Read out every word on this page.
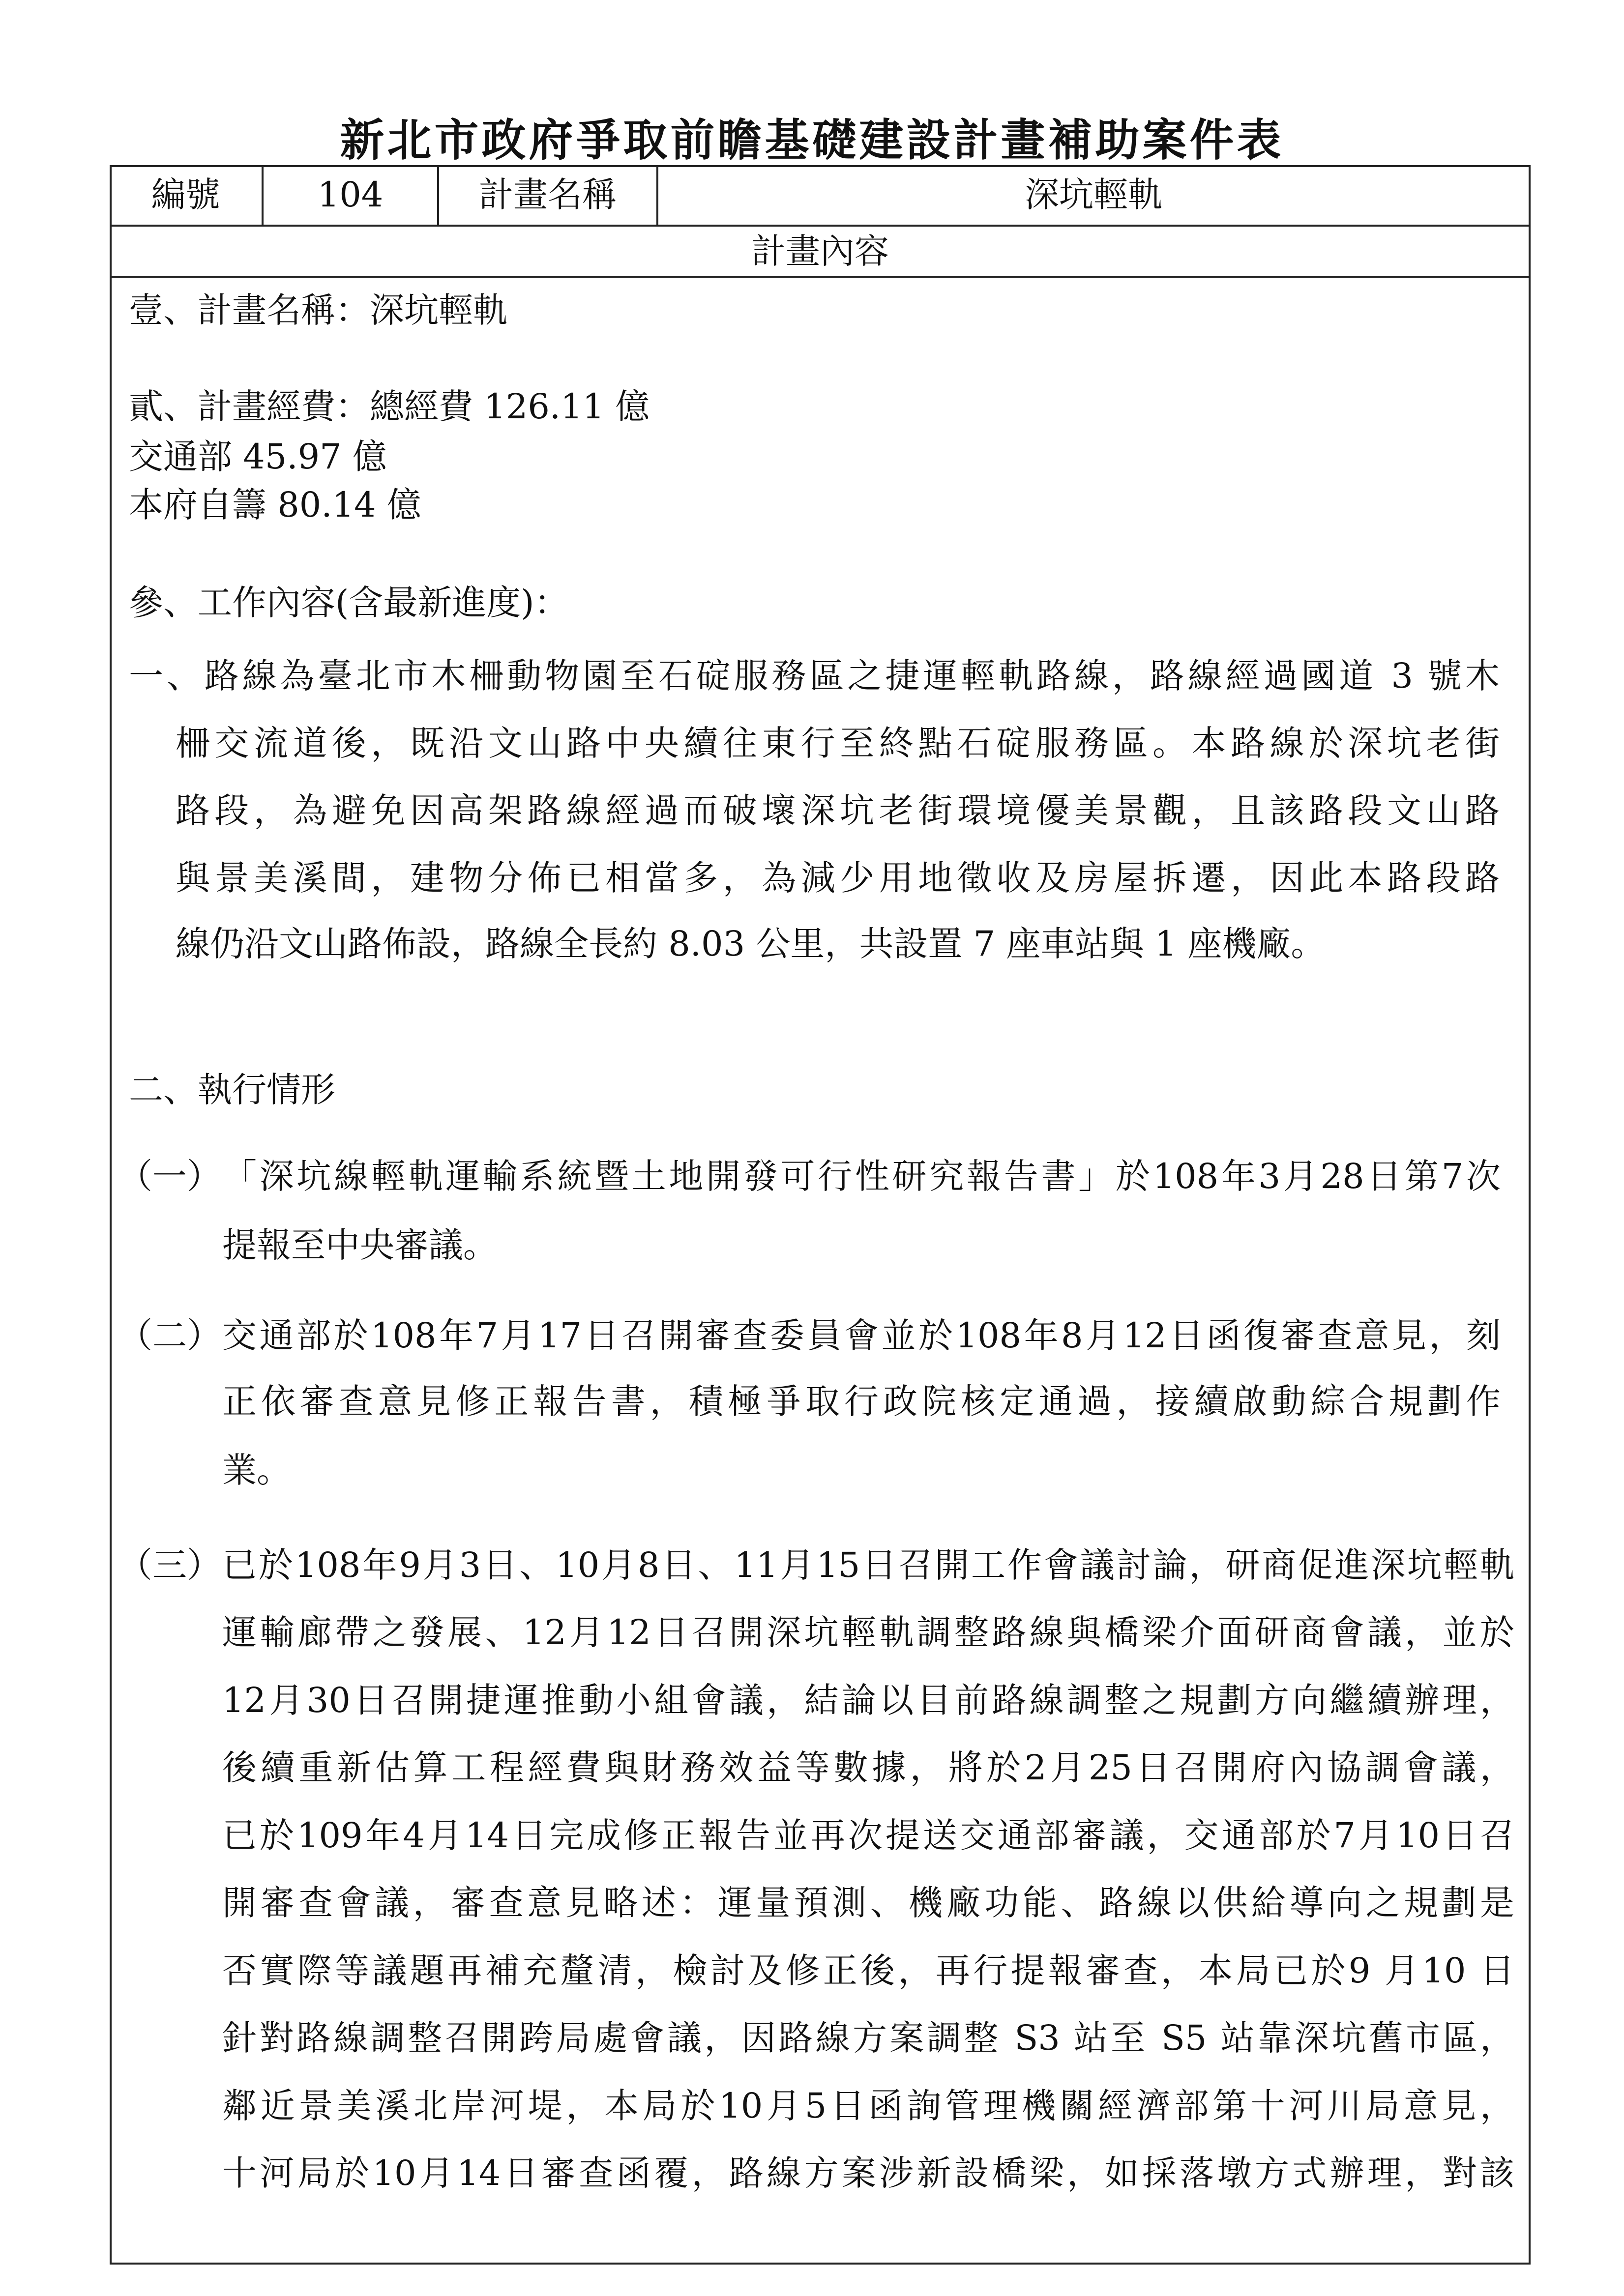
新北市政府爭取前瞻基礎建設計畫補助案件表
編號	104	計畫名稱	深坑輕軌
計畫內容
壹、計畫名稱：深坑輕軌
貳、計畫經費：總經費 126.11 億
交通部 45.97 億
本府自籌 80.14 億
參、工作內容(含最新進度)：
一、路線為臺北市木柵動物園至石碇服務區之捷運輕軌路線，路線經過國道 3 號木
柵交流道後，既沿文山路中央續往東行至終點石碇服務區。本路線於深坑老街
路段，為避免因高架路線經過而破壞深坑老街環境優美景觀，且該路段文山路
與景美溪間，建物分佈已相當多，為減少用地徵收及房屋拆遷，因此本路段路
線仍沿文山路佈設，路線全長約 8.03 公里，共設置 7 座車站與 1 座機廠。
二、執行情形
（一） 「深坑線輕軌運輸系統暨土地開發可行性研究報告書」於108年3月28日第7次
提報至中央審議。
（二） 交通部於108年7月17日召開審查委員會並於108年8月12日函復審查意見，刻
正依審查意見修正報告書，積極爭取行政院核定通過，接續啟動綜合規劃作
業。
（三） 已於108年9月3日、10月8日、11月15日召開工作會議討論，研商促進深坑輕軌
運輸廊帶之發展、12月12日召開深坑輕軌調整路線與橋梁介面研商會議，並於
12月30日召開捷運推動小組會議，結論以目前路線調整之規劃方向繼續辦理，
後續重新估算工程經費與財務效益等數據，將於2月25日召開府內協調會議，
已於109年4月14日完成修正報告並再次提送交通部審議，交通部於7月10日召
開審查會議，審查意見略述：運量預測、機廠功能、路線以供給導向之規劃是
否實際等議題再補充釐清，檢討及修正後，再行提報審查，本局已於9 月10 日
針對路線調整召開跨局處會議，因路線方案調整 S3 站至 S5 站靠深坑舊市區，
鄰近景美溪北岸河堤，本局於10月5日函詢管理機關經濟部第十河川局意見，
十河局於10月14日審查函覆，路線方案涉新設橋梁，如採落墩方式辦理，對該
